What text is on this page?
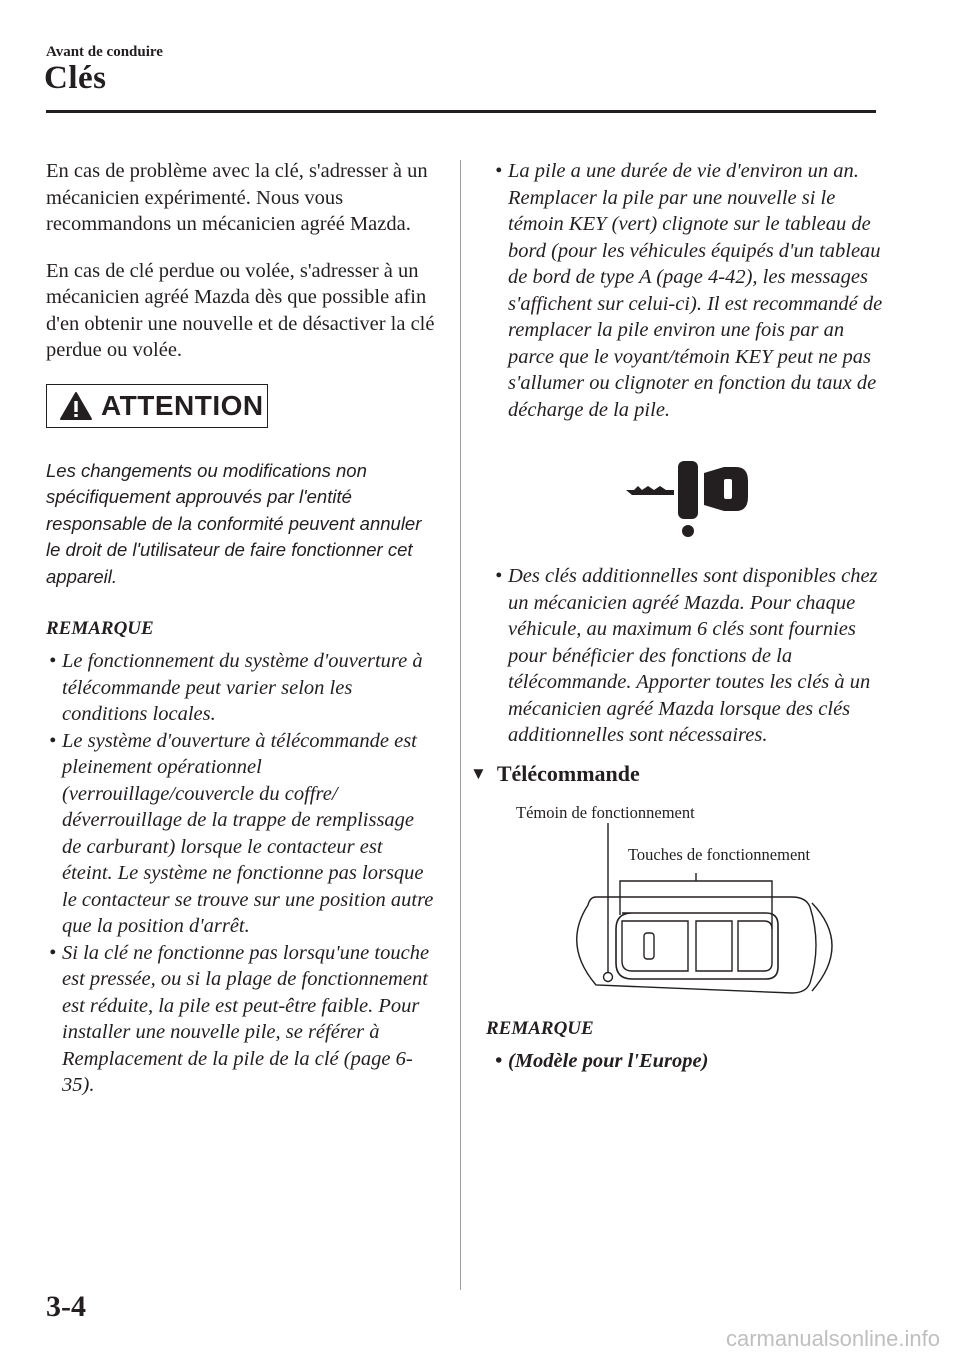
Avant de conduire
Clés

En cas de problème avec la clé, s'adresser à un mécanicien expérimenté. Nous vous recommandons un mécanicien agréé Mazda.

En cas de clé perdue ou volée, s'adresser à un mécanicien agréé Mazda dès que possible afin d'en obtenir une nouvelle et de désactiver la clé perdue ou volée.

ATTENTION

Les changements ou modifications non spécifiquement approuvés par l'entité responsable de la conformité peuvent annuler le droit de l'utilisateur de faire fonctionner cet appareil.

REMARQUE
• Le fonctionnement du système d'ouverture à télécommande peut varier selon les conditions locales.
• Le système d'ouverture à télécommande est pleinement opérationnel (verrouillage/couvercle du coffre/ déverrouillage de la trappe de remplissage de carburant) lorsque le contacteur est éteint. Le système ne fonctionne pas lorsque le contacteur se trouve sur une position autre que la position d'arrêt.
• Si la clé ne fonctionne pas lorsqu'une touche est pressée, ou si la plage de fonctionnement est réduite, la pile est peut-être faible. Pour installer une nouvelle pile, se référer à Remplacement de la pile de la clé (page 6-35).
• La pile a une durée de vie d'environ un an. Remplacer la pile par une nouvelle si le témoin KEY (vert) clignote sur le tableau de bord (pour les véhicules équipés d'un tableau de bord de type A (page 4-42), les messages s'affichent sur celui-ci). Il est recommandé de remplacer la pile environ une fois par an parce que le voyant/témoin KEY peut ne pas s'allumer ou clignoter en fonction du taux de décharge de la pile.
• Des clés additionnelles sont disponibles chez un mécanicien agréé Mazda. Pour chaque véhicule, au maximum 6 clés sont fournies pour bénéficier des fonctions de la télécommande. Apporter toutes les clés à un mécanicien agréé Mazda lorsque des clés additionnelles sont nécessaires.
▼ Télécommande
Témoin de fonctionnement
Touches de fonctionnement
REMARQUE
• (Modèle pour l'Europe)
3-4
carmanualsonline.info
